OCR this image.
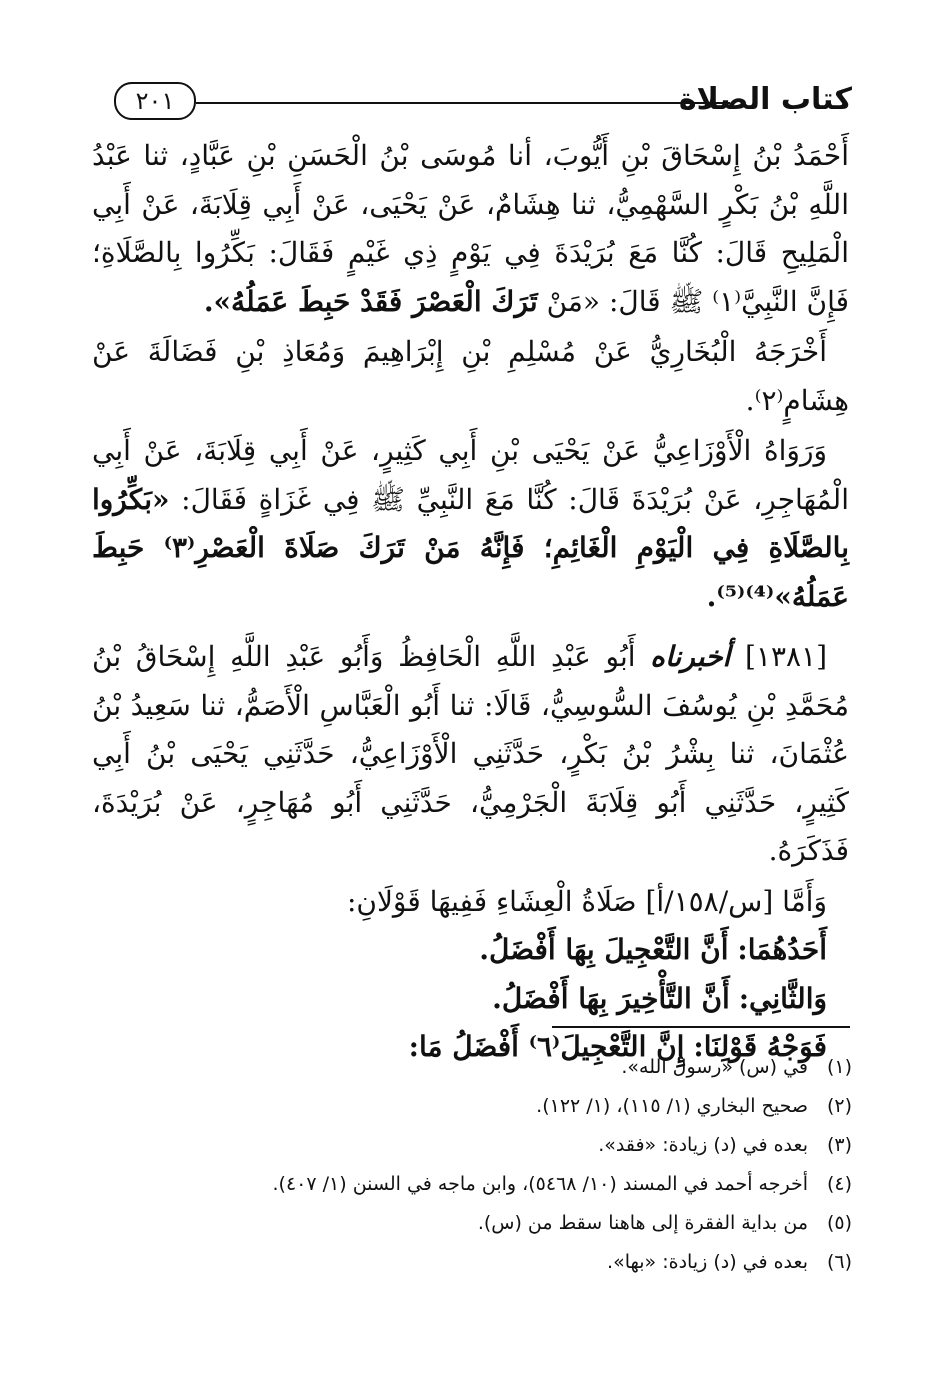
كتاب الصلاة
٢٠١

أَحْمَدُ بْنُ إِسْحَاقَ بْنِ أَيُّوبَ، أنا مُوسَى بْنُ الْحَسَنِ بْنِ عَبَّادٍ، ثنا عَبْدُ اللَّهِ بْنُ بَكْرٍ السَّهْمِيُّ، ثنا هِشَامٌ، عَنْ يَحْيَى، عَنْ أَبِي قِلَابَةَ، عَنْ أَبِي الْمَلِيحِ قَالَ: كُنَّا مَعَ بُرَيْدَةَ فِي يَوْمٍ ذِي غَيْمٍ فَقَالَ: بَكِّرُوا بِالصَّلَاةِ؛ فَإِنَّ النَّبِيَّ⁽١⁾ ﷺ قَالَ: «مَنْ تَرَكَ الْعَصْرَ فَقَدْ حَبِطَ عَمَلُهُ».

أَخْرَجَهُ الْبُخَارِيُّ عَنْ مُسْلِمِ بْنِ إِبْرَاهِيمَ وَمُعَاذِ بْنِ فَضَالَةَ عَنْ هِشَامٍ⁽٢⁾.

وَرَوَاهُ الْأَوْزَاعِيُّ عَنْ يَحْيَى بْنِ أَبِي كَثِيرٍ، عَنْ أَبِي قِلَابَةَ، عَنْ أَبِي الْمُهَاجِرِ، عَنْ بُرَيْدَةَ قَالَ: كُنَّا مَعَ النَّبِيِّ ﷺ فِي غَزَاةٍ فَقَالَ: «بَكِّرُوا بِالصَّلَاةِ فِي الْيَوْمِ الْغَائِمِ؛ فَإِنَّهُ مَنْ تَرَكَ صَلَاةَ الْعَصْرِ⁽٣⁾ حَبِطَ عَمَلُهُ»⁽⁴⁾⁽⁵⁾.

[١٣٨١] أخبرناه أَبُو عَبْدِ اللَّهِ الْحَافِظُ وَأَبُو عَبْدِ اللَّهِ إِسْحَاقُ بْنُ مُحَمَّدِ بْنِ يُوسُفَ السُّوسِيُّ، قَالَا: ثنا أَبُو الْعَبَّاسِ الْأَصَمُّ، ثنا سَعِيدُ بْنُ عُثْمَانَ، ثنا بِشْرُ بْنُ بَكْرٍ، حَدَّثَنِي الْأَوْزَاعِيُّ، حَدَّثَنِي يَحْيَى بْنُ أَبِي كَثِيرٍ، حَدَّثَنِي أَبُو قِلَابَةَ الْجَرْمِيُّ، حَدَّثَنِي أَبُو مُهَاجِرٍ، عَنْ بُرَيْدَةَ، فَذَكَرَهُ.

وَأَمَّا [س/١٥٨/أ] صَلَاةُ الْعِشَاءِ فَفِيهَا قَوْلَانِ:

أَحَدُهُمَا: أَنَّ التَّعْجِيلَ بِهَا أَفْضَلُ.

وَالثَّانِي: أَنَّ التَّأْخِيرَ بِهَا أَفْضَلُ.

فَوَجْهُ قَوْلِنَا: إِنَّ التَّعْجِيلَ⁽٦⁾ أَفْضَلُ مَا:

(١)في (س) «رسول الله».

(٢)صحيح البخاري (١/ ١١٥)، (١/ ١٢٢).

(٣)بعده في (د) زيادة: «فقد».

(٤)أخرجه أحمد في المسند (١٠/ ٥٤٦٨)، وابن ماجه في السنن (١/ ٤٠٧).

(٥)من بداية الفقرة إلى هاهنا سقط من (س).

(٦)بعده في (د) زيادة: «بها».
